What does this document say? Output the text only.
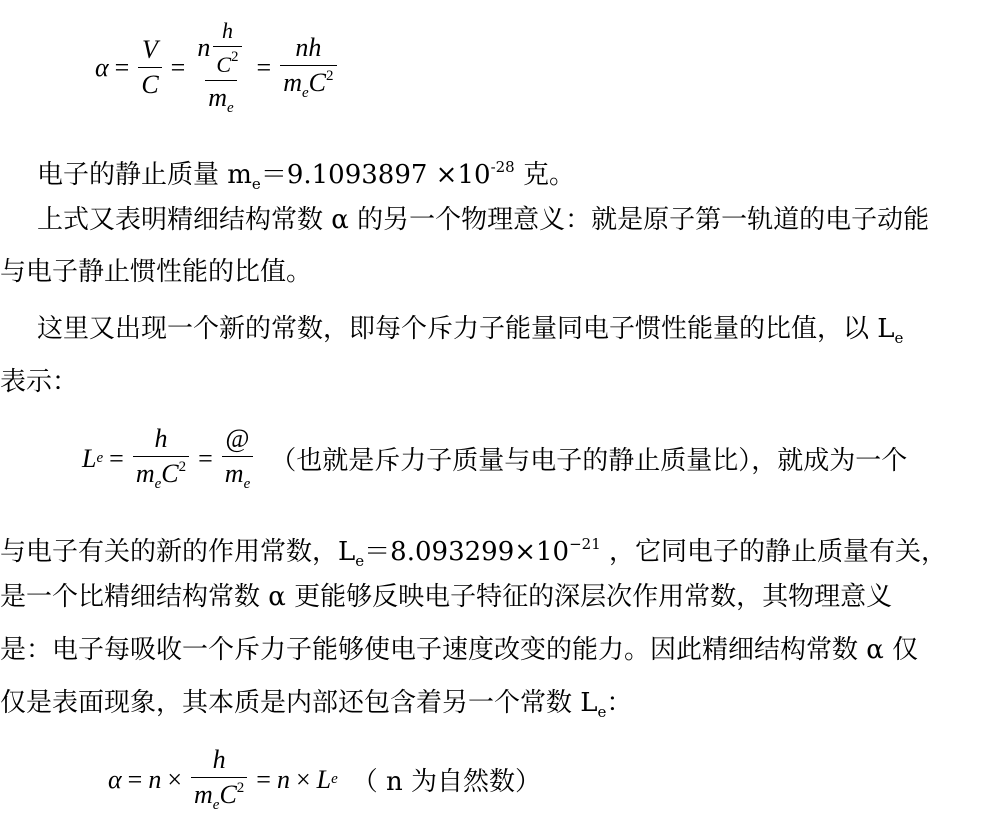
$\alpha = \frac{V}{C} = \frac{n \frac{h}{C^2}}{m_e} = \frac{nh}{m_eC^2}$

电子的静止质量 $m_e=9.1093897 \times 10^{-28}$ 克。

上式又表明精细结构常数 α 的另一个物理意义：就是原子第一轨道的电子动能

与电子静止惯性能的比值。

这里又出现一个新的常数，即每个斥力子能量同电子惯性能量的比值，以 $L_e$

表示：

L $e = \frac{h}{m_eC^2} = \frac{@}{m_e}$ （也就是斥力子质量与电子的静止质量比），就成为一个

与电子有关的新的作用常数，$L_e=8.093299\times 10^{-21}$ ，它同电子的静止质量有关，

是一个比精细结构常数 α 更能够反映电子特征的深层次作用常数，其物理意义

是：电子每吸收一个斥力子能够使电子速度改变的能力。因此精细结构常数 α 仅

仅是表面现象，其本质是内部还包含着另一个常数 $L_e$：

$\alpha = n \times \frac{h}{m_eC^2} = n \times L$ e （ n 为自然数）
